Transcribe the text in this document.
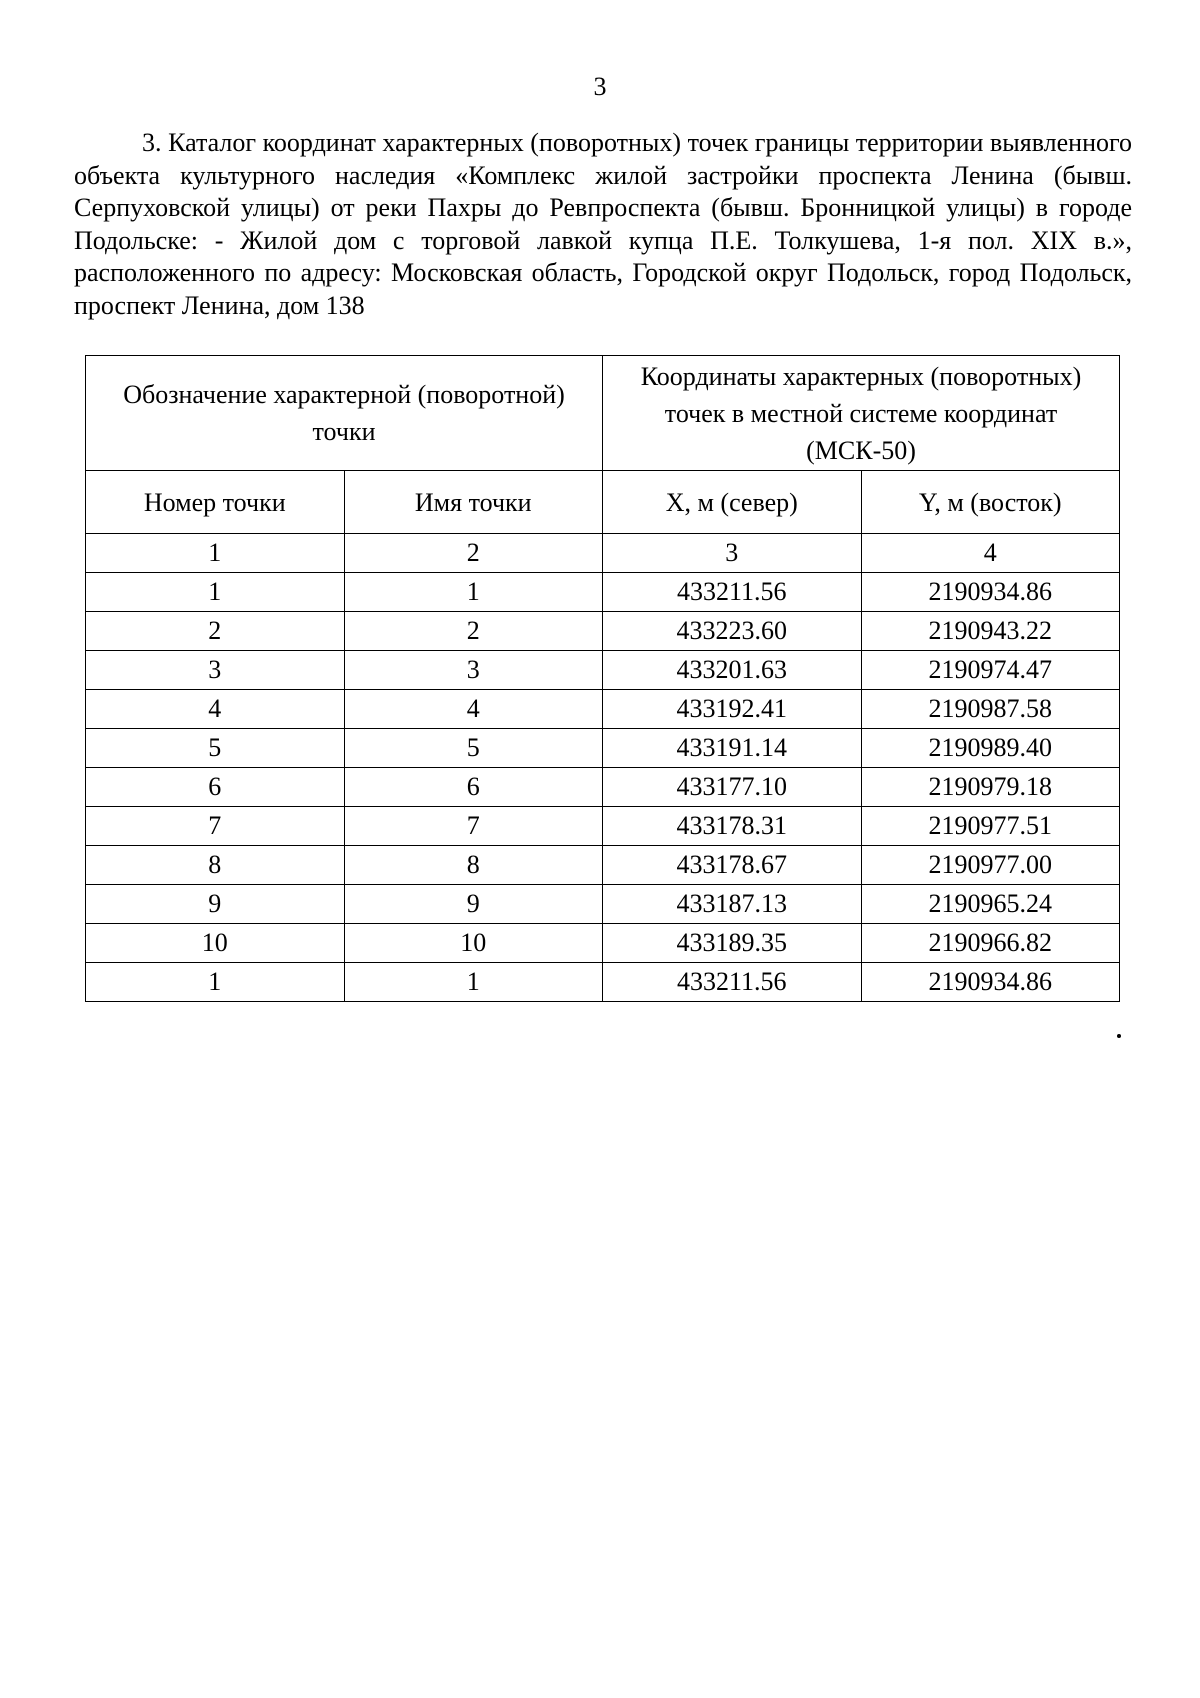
3

3. Каталог координат характерных (поворотных) точек границы территории выявленного объекта культурного наследия «Комплекс жилой застройки проспекта Ленина (бывш. Серпуховской улицы) от реки Пахры до Ревпроспекта (бывш. Бронницкой улицы) в городе Подольске: - Жилой дом с торговой лавкой купца П.Е. Толкушева, 1-я пол. XIX в.», расположенного по адресу: Московская область, Городской округ Подольск, город Подольск, проспект Ленина, дом 138

Обозначение характерной (поворотной) точки		Координаты характерных (поворотных) точек в местной системе координат (МСК-50)	
Номер точки	Имя точки	X, м (север)	Y, м (восток)
1	2	3	4
1	1	433211.56	2190934.86
2	2	433223.60	2190943.22
3	3	433201.63	2190974.47
4	4	433192.41	2190987.58
5	5	433191.14	2190989.40
6	6	433177.10	2190979.18
7	7	433178.31	2190977.51
8	8	433178.67	2190977.00
9	9	433187.13	2190965.24
10	10	433189.35	2190966.82
1	1	433211.56	2190934.86
